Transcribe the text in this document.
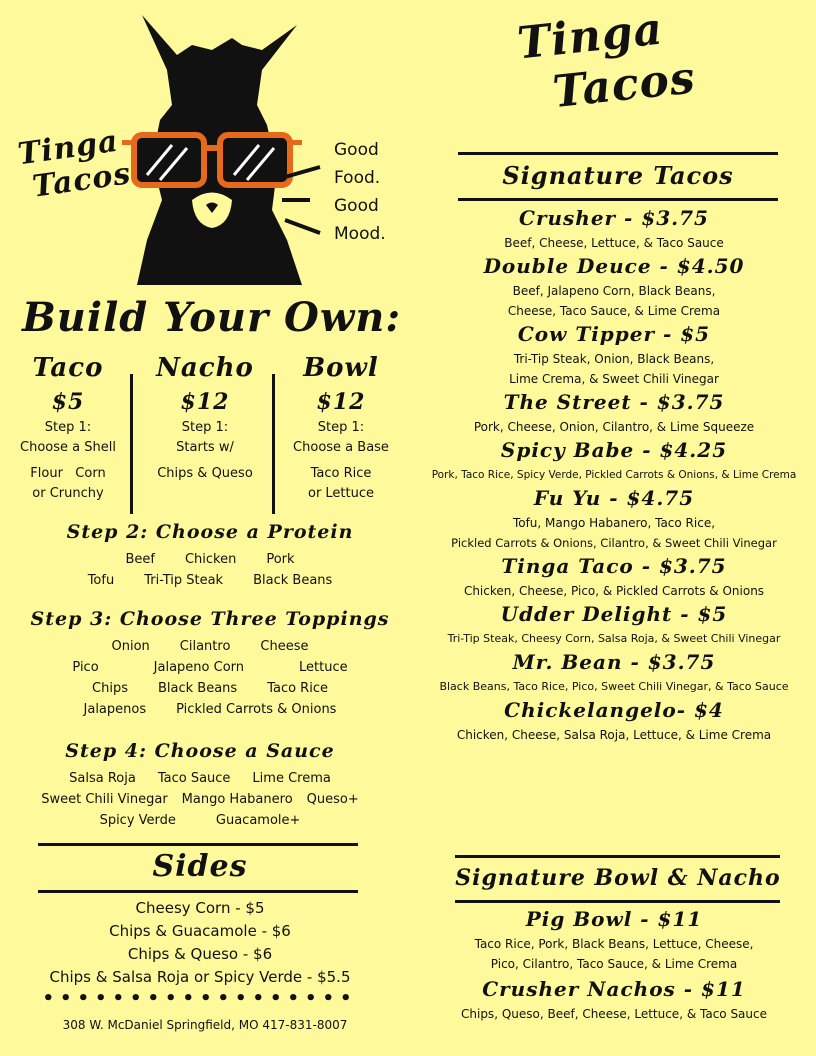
Tinga
Tacos
Good
Food.
Good
Mood.
Build Your Own:
Taco
$5
Step 1:
Choose a Shell
Flour   Corn
or Crunchy
Nacho
$12
Step 1:
Starts w/
Chips & Queso
Bowl
$12
Step 1:
Choose a Base
Taco Rice
or Lettuce
Step 2: Choose a Protein
Beef Chicken Pork
Tofu Tri-Tip Steak Black Beans
Step 3: Choose Three Toppings
Onion Cilantro Cheese
Pico	Jalapeno Corn	Lettuce
Chips Black Beans Taco Rice
Jalapenos Pickled Carrots & Onions
Step 4: Choose a Sauce
Salsa Roja Taco Sauce Lime Crema
Sweet Chili Vinegar Mango Habanero Queso+
Spicy Verde	Guacamole+
Sides
Cheesy Corn - $5
Chips & Guacamole - $6
Chips & Queso - $6
Chips & Salsa Roja or Spicy Verde - $5.5
••••••••••••••••••
308 W. McDaniel Springfield, MO 417-831-8007
Tinga
Tacos
Signature Tacos
Crusher - $3.75
Beef, Cheese, Lettuce, & Taco Sauce
Double Deuce - $4.50
Beef, Jalapeno Corn, Black Beans,
Cheese, Taco Sauce, & Lime Crema
Cow Tipper - $5
Tri-Tip Steak, Onion, Black Beans,
Lime Crema, & Sweet Chili Vinegar
The Street - $3.75
Pork, Cheese, Onion, Cilantro, & Lime Squeeze
Spicy Babe - $4.25
Pork, Taco Rice, Spicy Verde, Pickled Carrots & Onions, & Lime Crema
Fu Yu - $4.75
Tofu, Mango Habanero, Taco Rice,
Pickled Carrots & Onions, Cilantro, & Sweet Chili Vinegar
Tinga Taco - $3.75
Chicken, Cheese, Pico, & Pickled Carrots & Onions
Udder Delight - $5
Tri-Tip Steak, Cheesy Corn, Salsa Roja, & Sweet Chili Vinegar
Mr. Bean - $3.75
Black Beans, Taco Rice, Pico, Sweet Chili Vinegar, & Taco Sauce
Chickelangelo- $4
Chicken, Cheese, Salsa Roja, Lettuce, & Lime Crema
Signature Bowl & Nacho
Pig Bowl - $11
Taco Rice, Pork, Black Beans, Lettuce, Cheese,
Pico, Cilantro, Taco Sauce, & Lime Crema
Crusher Nachos - $11
Chips, Queso, Beef, Cheese, Lettuce, & Taco Sauce
